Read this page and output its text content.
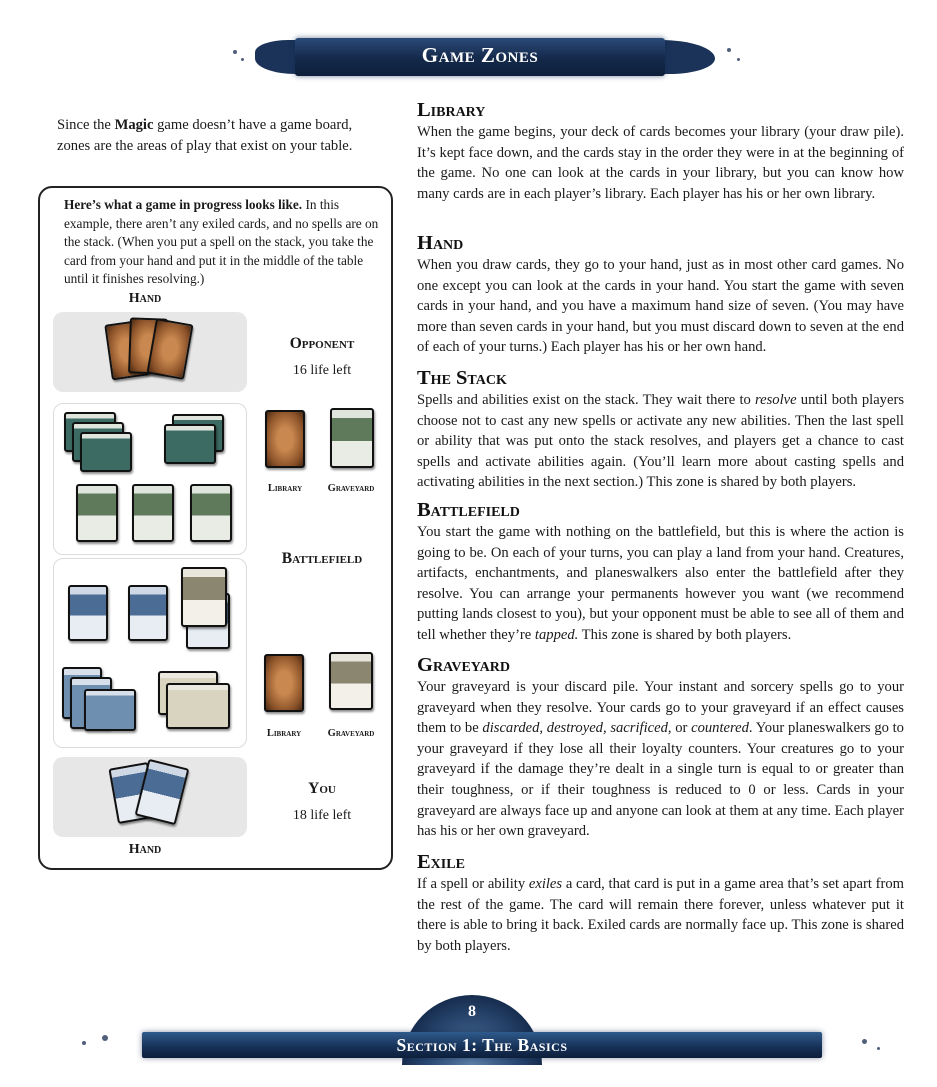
Game Zones

Since the Magic game doesn’t have a game board, zones are the areas of play that exist on your table.

Here’s what a game in progress looks like. In this example, there aren’t any exiled cards, and no spells are on the stack. (When you put a spell on the stack, you take the card from your hand and put it in the middle of the table until it finishes resolving.)

Hand
Opponent
16 life left
Library	Graveyard
Battlefield
Library	Graveyard
You
18 life left
Hand
Library

When the game begins, your deck of cards becomes your library (your draw pile). It’s kept face down, and the cards stay in the order they were in at the beginning of the game. No one can look at the cards in your library, but you can know how many cards are in each player’s library. Each player has his or her own library.

Hand

When you draw cards, they go to your hand, just as in most other card games. No one except you can look at the cards in your hand. You start the game with seven cards in your hand, and you have a maximum hand size of seven. (You may have more than seven cards in your hand, but you must discard down to seven at the end of each of your turns.) Each player has his or her own hand.

The Stack

Spells and abilities exist on the stack. They wait there to resolve until both players choose not to cast any new spells or activate any new abilities. Then the last spell or ability that was put onto the stack resolves, and players get a chance to cast spells and activate abilities again. (You’ll learn more about casting spells and activating abilities in the next section.) This zone is shared by both players.

Battlefield

You start the game with nothing on the battlefield, but this is where the action is going to be. On each of your turns, you can play a land from your hand. Creatures, artifacts, enchantments, and planeswalkers also enter the battlefield after they resolve. You can arrange your permanents however you want (we recommend putting lands closest to you), but your opponent must be able to see all of them and tell whether they’re tapped. This zone is shared by both players.

Graveyard

Your graveyard is your discard pile. Your instant and sorcery spells go to your graveyard when they resolve. Your cards go to your graveyard if an effect causes them to be discarded, destroyed, sacrificed, or countered. Your planeswalkers go to your graveyard if they lose all their loyalty counters. Your creatures go to your graveyard if the damage they’re dealt in a single turn is equal to or greater than their toughness, or if their toughness is reduced to 0 or less. Cards in your graveyard are always face up and anyone can look at them at any time. Each player has his or her own graveyard.

Exile

If a spell or ability exiles a card, that card is put in a game area that’s set apart from the rest of the game. The card will remain there forever, unless whatever put it there is able to bring it back. Exiled cards are normally face up. This zone is shared by both players.

8
Section 1: The Basics
